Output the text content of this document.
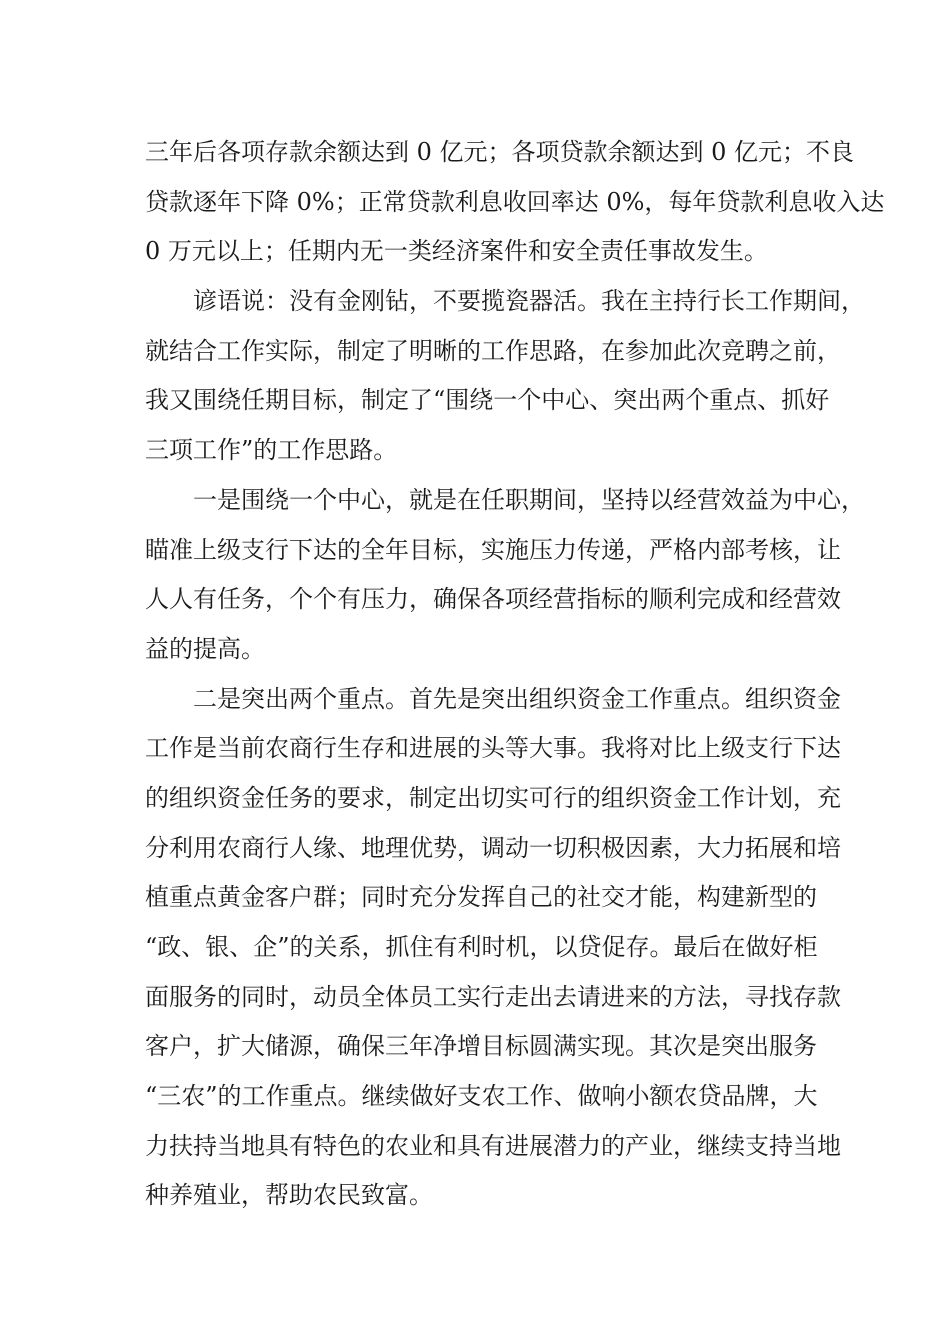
三年后各项存款余额达到 0 亿元；各项贷款余额达到 0 亿元；不良
贷款逐年下降 0%；正常贷款利息收回率达 0%，每年贷款利息收入达
0 万元以上；任期内无一类经济案件和安全责任事故发生。
谚语说：没有金刚钻，不要揽瓷器活。我在主持行长工作期间，
就结合工作实际，制定了明晰的工作思路，在参加此次竞聘之前，
我又围绕任期目标，制定了“围绕一个中心、突出两个重点、抓好
三项工作”的工作思路。
一是围绕一个中心，就是在任职期间，坚持以经营效益为中心，
瞄准上级支行下达的全年目标，实施压力传递，严格内部考核，让
人人有任务，个个有压力，确保各项经营指标的顺利完成和经营效
益的提高。
二是突出两个重点。首先是突出组织资金工作重点。组织资金
工作是当前农商行生存和进展的头等大事。我将对比上级支行下达
的组织资金任务的要求，制定出切实可行的组织资金工作计划，充
分利用农商行人缘、地理优势，调动一切积极因素，大力拓展和培
植重点黄金客户群；同时充分发挥自己的社交才能，构建新型的
“政、银、企”的关系，抓住有利时机，以贷促存。最后在做好柜
面服务的同时，动员全体员工实行走出去请进来的方法，寻找存款
客户，扩大储源，确保三年净增目标圆满实现。其次是突出服务
“三农”的工作重点。继续做好支农工作、做响小额农贷品牌，大
力扶持当地具有特色的农业和具有进展潜力的产业，继续支持当地
种养殖业，帮助农民致富。
